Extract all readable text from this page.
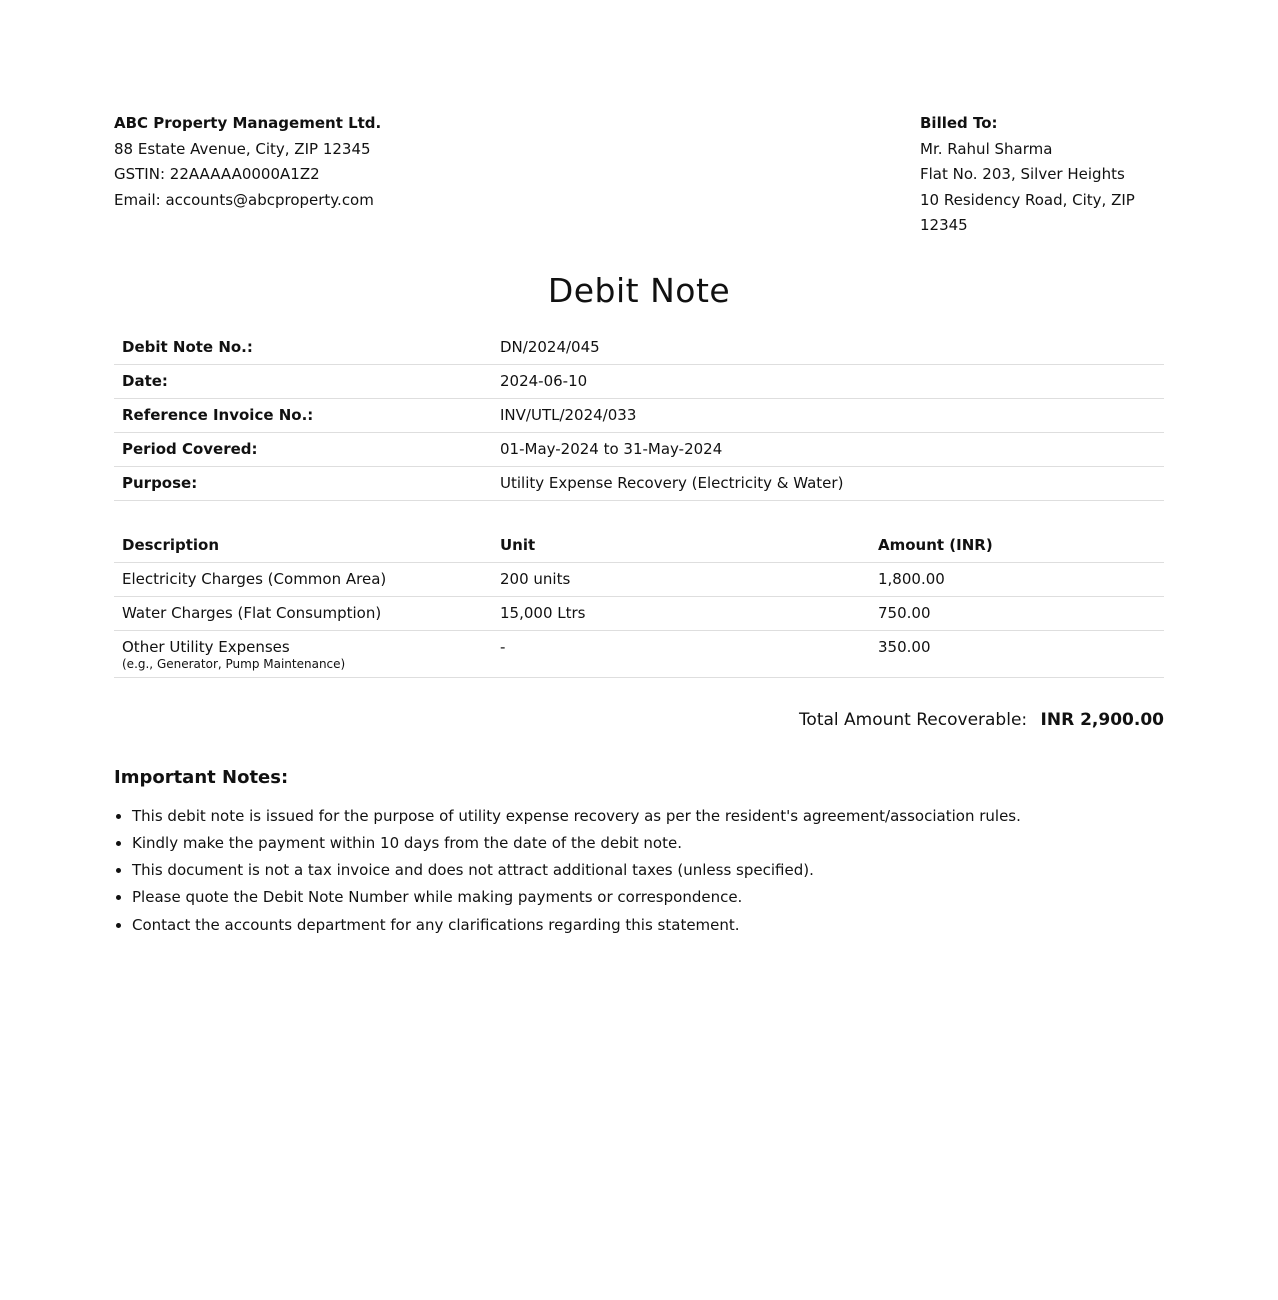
ABC Property Management Ltd.
88 Estate Avenue, City, ZIP 12345
GSTIN: 22AAAAA0000A1Z2
Email: accounts@abcproperty.com
Billed To:
Mr. Rahul Sharma
Flat No. 203, Silver Heights
10 Residency Road, City, ZIP 12345
Debit Note
Debit Note No.:	DN/2024/045
Date:	2024-06-10
Reference Invoice No.:	INV/UTL/2024/033
Period Covered:	01-May-2024 to 31-May-2024
Purpose:	Utility Expense Recovery (Electricity & Water)
Description	Unit	Amount (INR)
Electricity Charges (Common Area)	200 units	1,800.00
Water Charges (Flat Consumption)	15,000 Ltrs	750.00
Other Utility Expenses
(e.g., Generator, Pump Maintenance)	-	350.00
Total Amount Recoverable: INR 2,900.00
Important Notes:
• This debit note is issued for the purpose of utility expense recovery as per the resident's agreement/association rules.
• Kindly make the payment within 10 days from the date of the debit note.
• This document is not a tax invoice and does not attract additional taxes (unless specified).
• Please quote the Debit Note Number while making payments or correspondence.
• Contact the accounts department for any clarifications regarding this statement.
